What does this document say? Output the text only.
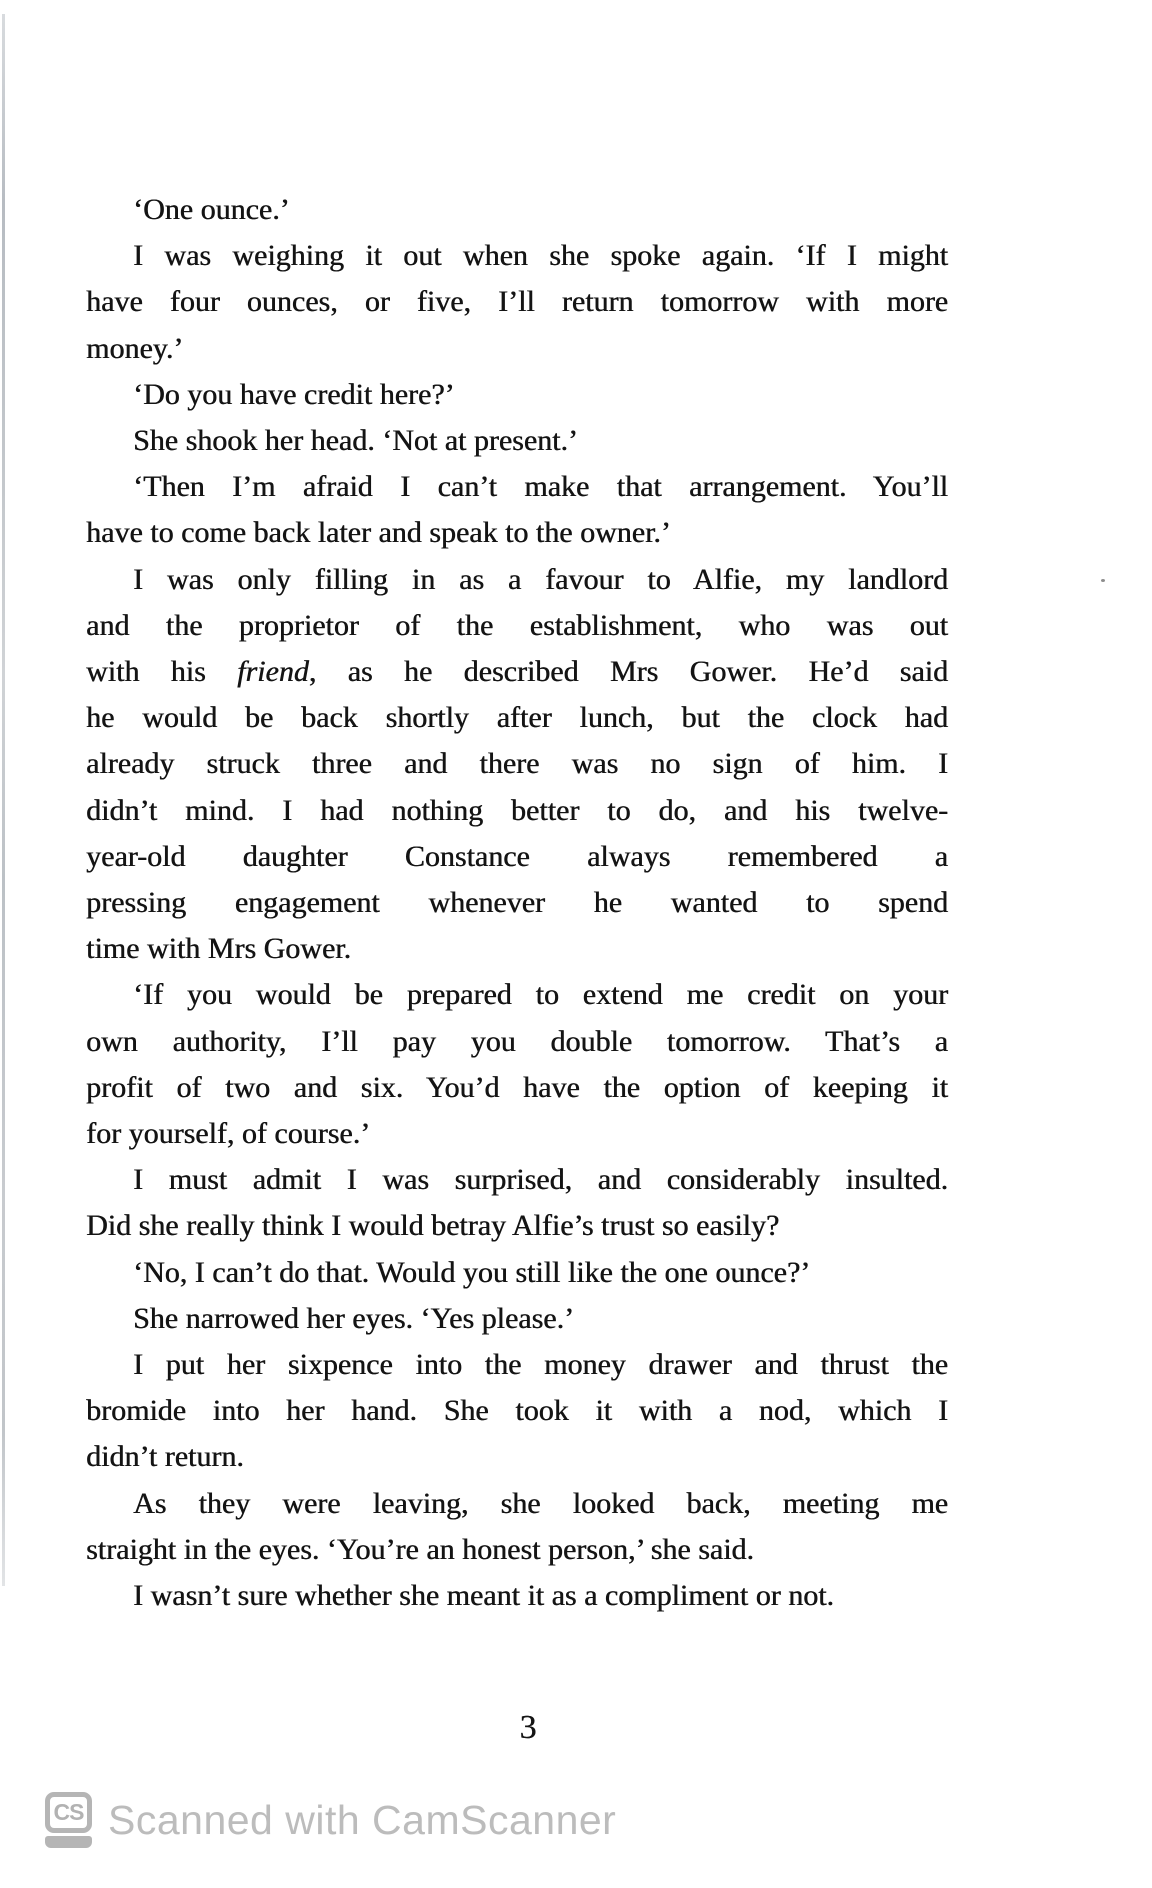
‘One ounce.’
I was weighing it out when she spoke again. ‘If I might
have four ounces, or five, I’ll return tomorrow with more
money.’
‘Do you have credit here?’
She shook her head. ‘Not at present.’
‘Then I’m afraid I can’t make that arrangement. You’ll
have to come back later and speak to the owner.’
I was only filling in as a favour to Alfie, my landlord
and the proprietor of the establishment, who was out
with his friend, as he described Mrs Gower. He’d said
he would be back shortly after lunch, but the clock had
already struck three and there was no sign of him. I
didn’t mind. I had nothing better to do, and his twelve-
year-old daughter Constance always remembered a
pressing engagement whenever he wanted to spend
time with Mrs Gower.
‘If you would be prepared to extend me credit on your
own authority, I’ll pay you double tomorrow. That’s a
profit of two and six. You’d have the option of keeping it
for yourself, of course.’
I must admit I was surprised, and considerably insulted.
Did she really think I would betray Alfie’s trust so easily?
‘No, I can’t do that. Would you still like the one ounce?’
She narrowed her eyes. ‘Yes please.’
I put her sixpence into the money drawer and thrust the
bromide into her hand. She took it with a nod, which I
didn’t return.
As they were leaving, she looked back, meeting me
straight in the eyes. ‘You’re an honest person,’ she said.
I wasn’t sure whether she meant it as a compliment or not.
3
CS Scanned with CamScanner
